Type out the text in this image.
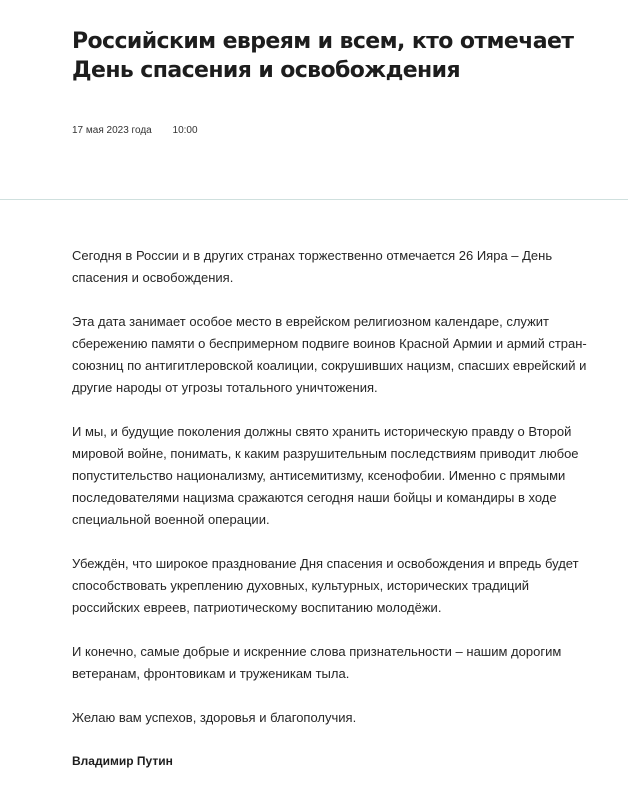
Российским евреям и всем, кто отмечает День спасения и освобождения
17 мая 2023 года 10:00

Сегодня в России и в других странах торжественно отмечается 26 Ияра – День спасения и освобождения.

Эта дата занимает особое место в еврейском религиозном календаре, служит сбережению памяти о беспримерном подвиге воинов Красной Армии и армий стран-союзниц по антигитлеровской коалиции, сокрушивших нацизм, спасших еврейский и другие народы от угрозы тотального уничтожения.

И мы, и будущие поколения должны свято хранить историческую правду о Второй мировой войне, понимать, к каким разрушительным последствиям приводит любое попустительство национализму, антисемитизму, ксенофобии. Именно с прямыми последователями нацизма сражаются сегодня наши бойцы и командиры в ходе специальной военной операции.

Убеждён, что широкое празднование Дня спасения и освобождения и впредь будет способствовать укреплению духовных, культурных, исторических традиций российских евреев, патриотическому воспитанию молодёжи.

И конечно, самые добрые и искренние слова признательности – нашим дорогим ветеранам, фронтовикам и труженикам тыла.

Желаю вам успехов, здоровья и благополучия.

Владимир Путин
